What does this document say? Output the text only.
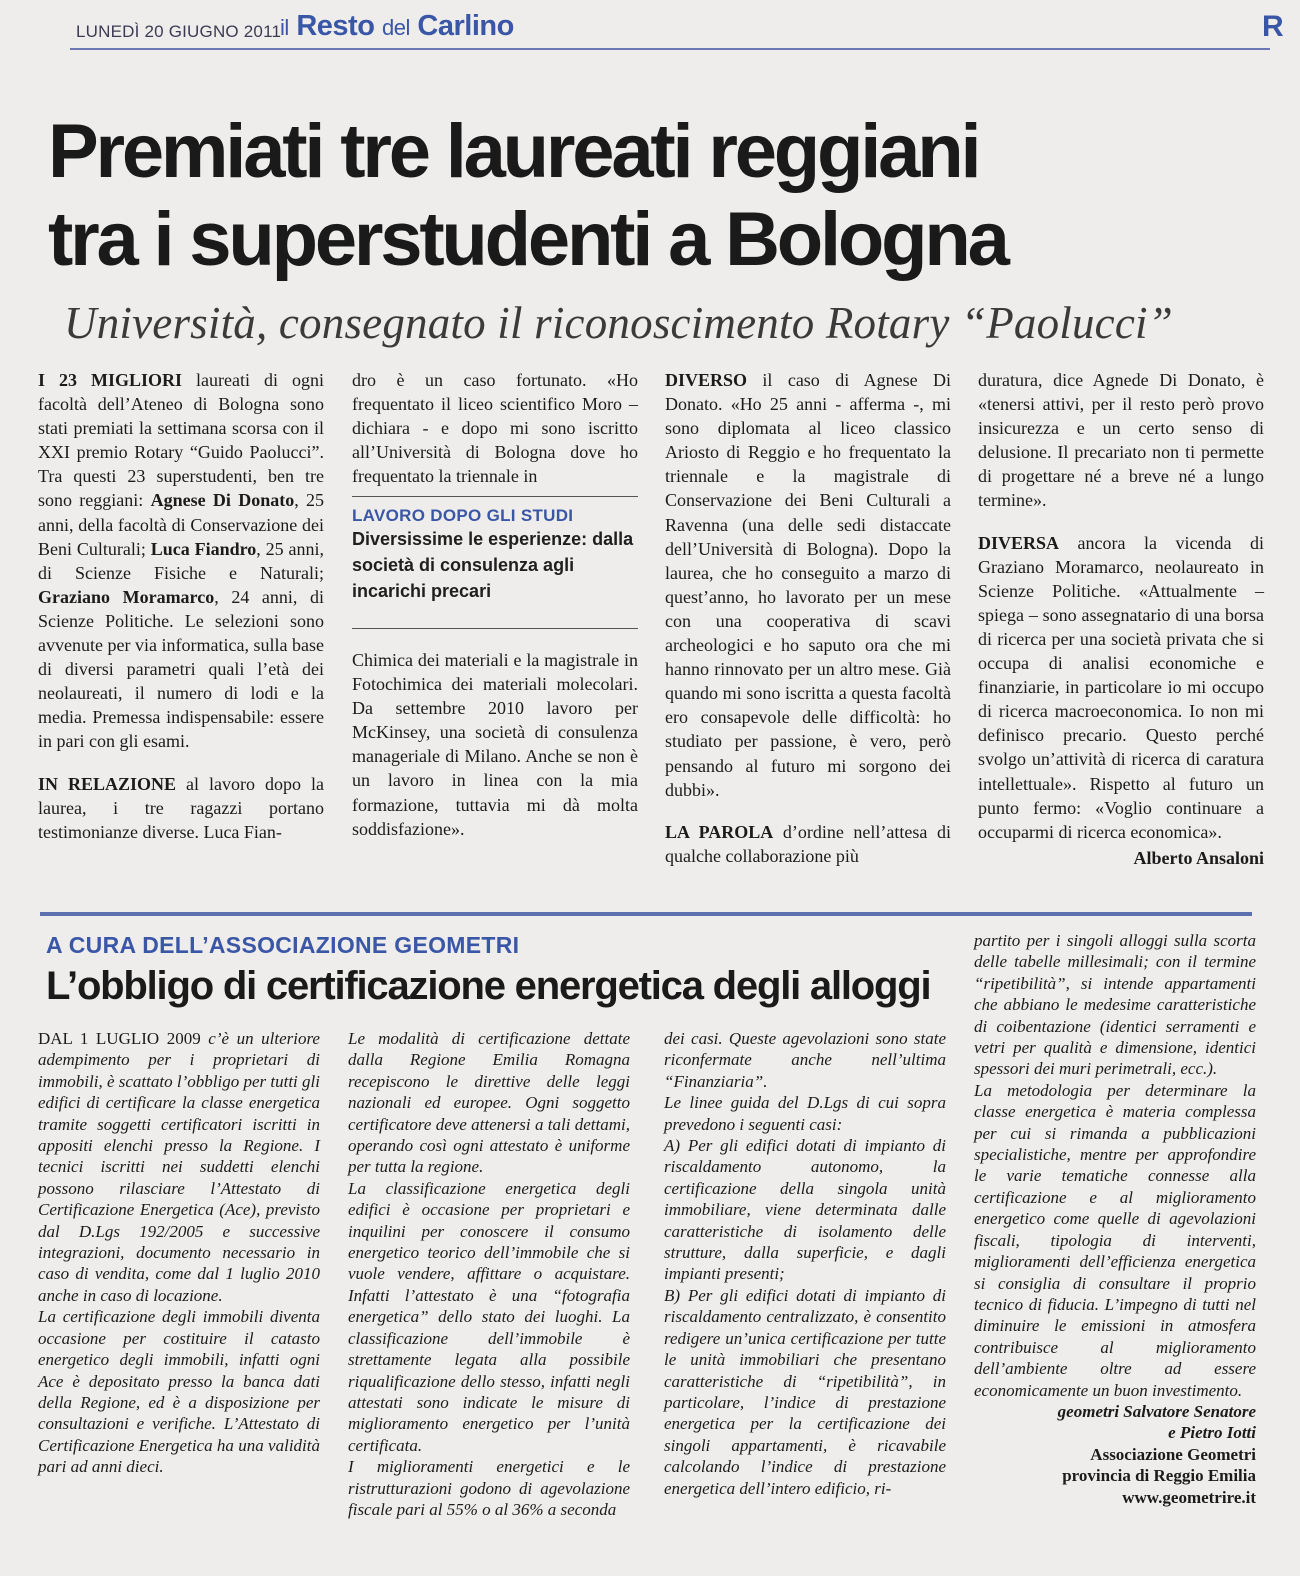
LUNEDÌ 20 GIUGNO 2011
il Resto del Carlino	R
Premiati tre laureati reggiani
tra i superstudenti a Bologna
Università, consegnato il riconoscimento Rotary “Paolucci”

I 23 MIGLIORI laureati di ogni facoltà dell’Ateneo di Bologna sono stati premiati la settimana scorsa con il XXI premio Rotary “Guido Paolucci”. Tra questi 23 superstudenti, ben tre sono reggiani: Agnese Di Donato, 25 anni, della facoltà di Conservazione dei Beni Culturali; Luca Fiandro, 25 anni, di Scienze Fisiche e Naturali; Graziano Moramarco, 24 anni, di Scienze Politiche. Le selezioni sono avvenute per via informatica, sulla base di diversi parametri quali l’età dei neolaureati, il numero di lodi e la media. Premessa indispensabile: essere in pari con gli esami.

IN RELAZIONE al lavoro dopo la laurea, i tre ragazzi portano testimonianze diverse. Luca Fian-

dro è un caso fortunato. «Ho frequentato il liceo scientifico Moro – dichiara - e dopo mi sono iscritto all’Università di Bologna dove ho frequentato la triennale in

LAVORO DOPO GLI STUDI
Diversissime le esperienze: dalla società di consulenza agli incarichi precari

Chimica dei materiali e la magistrale in Fotochimica dei materiali molecolari. Da settembre 2010 lavoro per McKinsey, una società di consulenza manageriale di Milano. Anche se non è un lavoro in linea con la mia formazione, tuttavia mi dà molta soddisfazione».

DIVERSO il caso di Agnese Di Donato. «Ho 25 anni - afferma -, mi sono diplomata al liceo classico Ariosto di Reggio e ho frequentato la triennale e la magistrale di Conservazione dei Beni Culturali a Ravenna (una delle sedi distaccate dell’Università di Bologna). Dopo la laurea, che ho conseguito a marzo di quest’anno, ho lavorato per un mese con una cooperativa di scavi archeologici e ho saputo ora che mi hanno rinnovato per un altro mese. Già quando mi sono iscritta a questa facoltà ero consapevole delle difficoltà: ho studiato per passione, è vero, però pensando al futuro mi sorgono dei dubbi».

LA PAROLA d’ordine nell’attesa di qualche collaborazione più

duratura, dice Agnede Di Donato, è «tenersi attivi, per il resto però provo insicurezza e un certo senso di delusione. Il precariato non ti permette di progettare né a breve né a lungo termine».

DIVERSA ancora la vicenda di Graziano Moramarco, neolaureato in Scienze Politiche. «Attualmente – spiega – sono assegnatario di una borsa di ricerca per una società privata che si occupa di analisi economiche e finanziarie, in particolare io mi occupo di ricerca macroeconomica. Io non mi definisco precario. Questo perché svolgo un’attività di ricerca di caratura intellettuale». Rispetto al futuro un punto fermo: «Voglio continuare a occuparmi di ricerca economica».

Alberto Ansaloni
A CURA DELL’ASSOCIAZIONE GEOMETRI
L’obbligo di certificazione energetica degli alloggi

DAL 1 LUGLIO 2009 c’è un ulteriore adempimento per i proprietari di immobili, è scattato l’obbligo per tutti gli edifici di certificare la classe energetica tramite soggetti certificatori iscritti in appositi elenchi presso la Regione. I tecnici iscritti nei suddetti elenchi possono rilasciare l’Attestato di Certificazione Energetica (Ace), previsto dal D.Lgs 192/2005 e successive integrazioni, documento necessario in caso di vendita, come dal 1 luglio 2010 anche in caso di locazione.

La certificazione degli immobili diventa occasione per costituire il catasto energetico degli immobili, infatti ogni Ace è depositato presso la banca dati della Regione, ed è a disposizione per consultazioni e verifiche. L’Attestato di Certificazione Energetica ha una validità pari ad anni dieci.

Le modalità di certificazione dettate dalla Regione Emilia Romagna recepiscono le direttive delle leggi nazionali ed europee. Ogni soggetto certificatore deve attenersi a tali dettami, operando così ogni attestato è uniforme per tutta la regione.

La classificazione energetica degli edifici è occasione per proprietari e inquilini per conoscere il consumo energetico teorico dell’immobile che si vuole vendere, affittare o acquistare. Infatti l’attestato è una “fotografia energetica” dello stato dei luoghi. La classificazione dell’immobile è strettamente legata alla possibile riqualificazione dello stesso, infatti negli attestati sono indicate le misure di miglioramento energetico per l’unità certificata.

I miglioramenti energetici e le ristrutturazioni godono di agevolazione fiscale pari al 55% o al 36% a seconda

dei casi. Queste agevolazioni sono state riconfermate anche nell’ultima “Finanziaria”.

Le linee guida del D.Lgs di cui sopra prevedono i seguenti casi:

A) Per gli edifici dotati di impianto di riscaldamento autonomo, la certificazione della singola unità immobiliare, viene determinata dalle caratteristiche di isolamento delle strutture, dalla superficie, e dagli impianti presenti;

B) Per gli edifici dotati di impianto di riscaldamento centralizzato, è consentito redigere un’unica certificazione per tutte le unità immobiliari che presentano caratteristiche di “ripetibilità”, in particolare, l’indice di prestazione energetica per la certificazione dei singoli appartamenti, è ricavabile calcolando l’indice di prestazione energetica dell’intero edificio, ri-

partito per i singoli alloggi sulla scorta delle tabelle millesimali; con il termine “ripetibilità”, si intende appartamenti che abbiano le medesime caratteristiche di coibentazione (identici serramenti e vetri per qualità e dimensione, identici spessori dei muri perimetrali, ecc.).

La metodologia per determinare la classe energetica è materia complessa per cui si rimanda a pubblicazioni specialistiche, mentre per approfondire le varie tematiche connesse alla certificazione e al miglioramento energetico come quelle di agevolazioni fiscali, tipologia di interventi, miglioramenti dell’efficienza energetica si consiglia di consultare il proprio tecnico di fiducia. L’impegno di tutti nel diminuire le emissioni in atmosfera contribuisce al miglioramento dell’ambiente oltre ad essere economicamente un buon investimento.

geometri Salvatore Senatore

e Pietro Iotti

Associazione Geometri

provincia di Reggio Emilia

www.geometrire.it
